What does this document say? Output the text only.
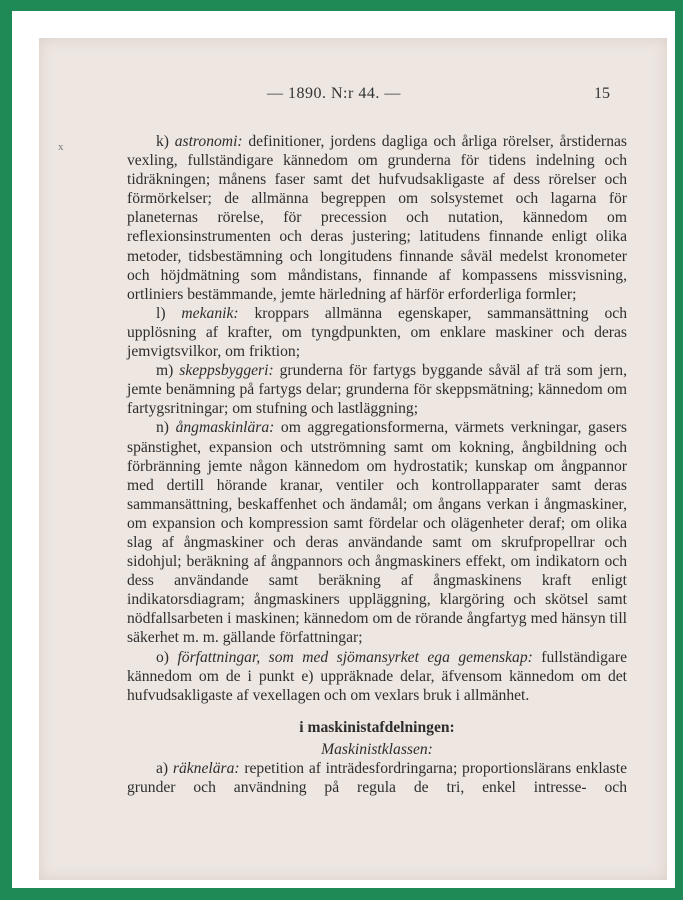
x
— 1890. N:r 44. —	15

k) astronomi: definitioner, jordens dagliga och årliga rörelser, årstidernas vexling, fullständigare kännedom om grunderna för tidens indelning och tidräkningen; månens faser samt det hufvudsakligaste af dess rörelser och förmörkelser; de allmänna begreppen om solsystemet och lagarna för planeternas rörelse, för precession och nutation, kännedom om reflexionsinstrumenten och deras justering; latitudens finnande enligt olika metoder, tidsbestämning och longitudens finnande såväl medelst kronometer och höjdmätning som måndistans, finnande af kompassens missvisning, ortliniers bestämmande, jemte härledning af härför erforderliga formler;

l) mekanik: kroppars allmänna egenskaper, sammansättning och upplösning af krafter, om tyngdpunkten, om enklare maskiner och deras jemvigtsvilkor, om friktion;

m) skeppsbyggeri: grunderna för fartygs byggande såväl af trä som jern, jemte benämning på fartygs delar; grunderna för skeppsmätning; kännedom om fartygsritningar; om stufning och lastläggning;

n) ångmaskinlära: om aggregationsformerna, värmets verkningar, gasers spänstighet, expansion och utströmning samt om kokning, ångbildning och förbränning jemte någon kännedom om hydrostatik; kunskap om ångpannor med dertill hörande kranar, ventiler och kontrollapparater samt deras sammansättning, beskaffenhet och ändamål; om ångans verkan i ångmaskiner, om expansion och kompression samt fördelar och olägenheter deraf; om olika slag af ångmaskiner och deras användande samt om skrufpropellrar och sidohjul; beräkning af ångpannors och ångmaskiners effekt, om indikatorn och dess användande samt beräkning af ångmaskinens kraft enligt indikatorsdiagram; ångmaskiners uppläggning, klargöring och skötsel samt nödfallsarbeten i maskinen; kännedom om de rörande ångfartyg med hänsyn till säkerhet m. m. gällande författningar;

o) författningar, som med sjömansyrket ega gemenskap: fullständigare kännedom om de i punkt e) uppräknade delar, äfvensom kännedom om det hufvudsakligaste af vexellagen och om vexlars bruk i allmänhet.

i maskinistafdelningen:
Maskinistklassen:

a) räknelära: repetition af inträdesfordringarna; proportionslärans enklaste grunder och användning på regula de tri, enkel intresse- och
